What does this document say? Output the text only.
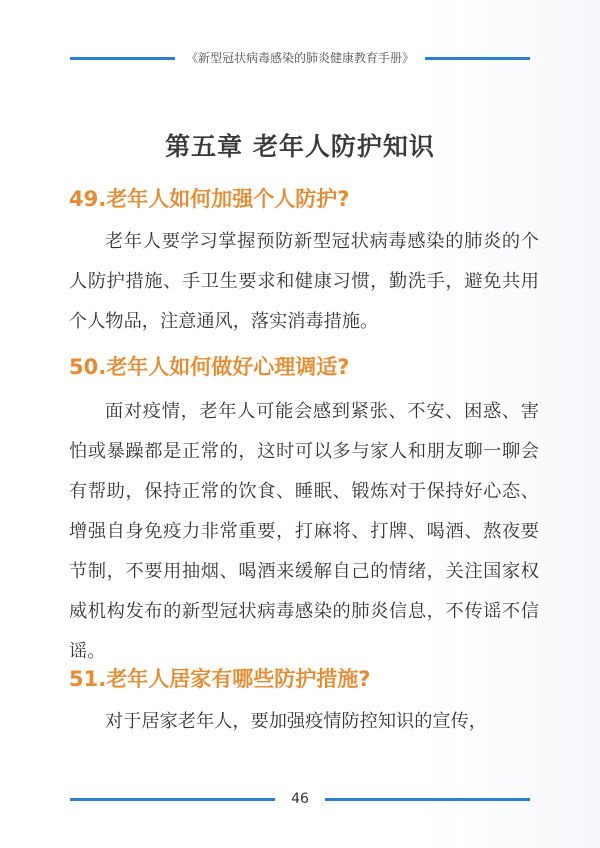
《新型冠状病毒感染的肺炎健康教育手册》
第五章 老年人防护知识
49.老年人如何加强个人防护?

老年人要学习掌握预防新型冠状病毒感染的肺炎的个人防护措施、手卫生要求和健康习惯，勤洗手，避免共用个人物品，注意通风，落实消毒措施。

50.老年人如何做好心理调适?

面对疫情，老年人可能会感到紧张、不安、困惑、害怕或暴躁都是正常的，这时可以多与家人和朋友聊一聊会有帮助，保持正常的饮食、睡眠、锻炼对于保持好心态、增强自身免疫力非常重要，打麻将、打牌、喝酒、熬夜要节制，不要用抽烟、喝酒来缓解自己的情绪，关注国家权威机构发布的新型冠状病毒感染的肺炎信息，不传谣不信谣。

51.老年人居家有哪些防护措施?

对于居家老年人，要加强疫情防控知识的宣传，

46
